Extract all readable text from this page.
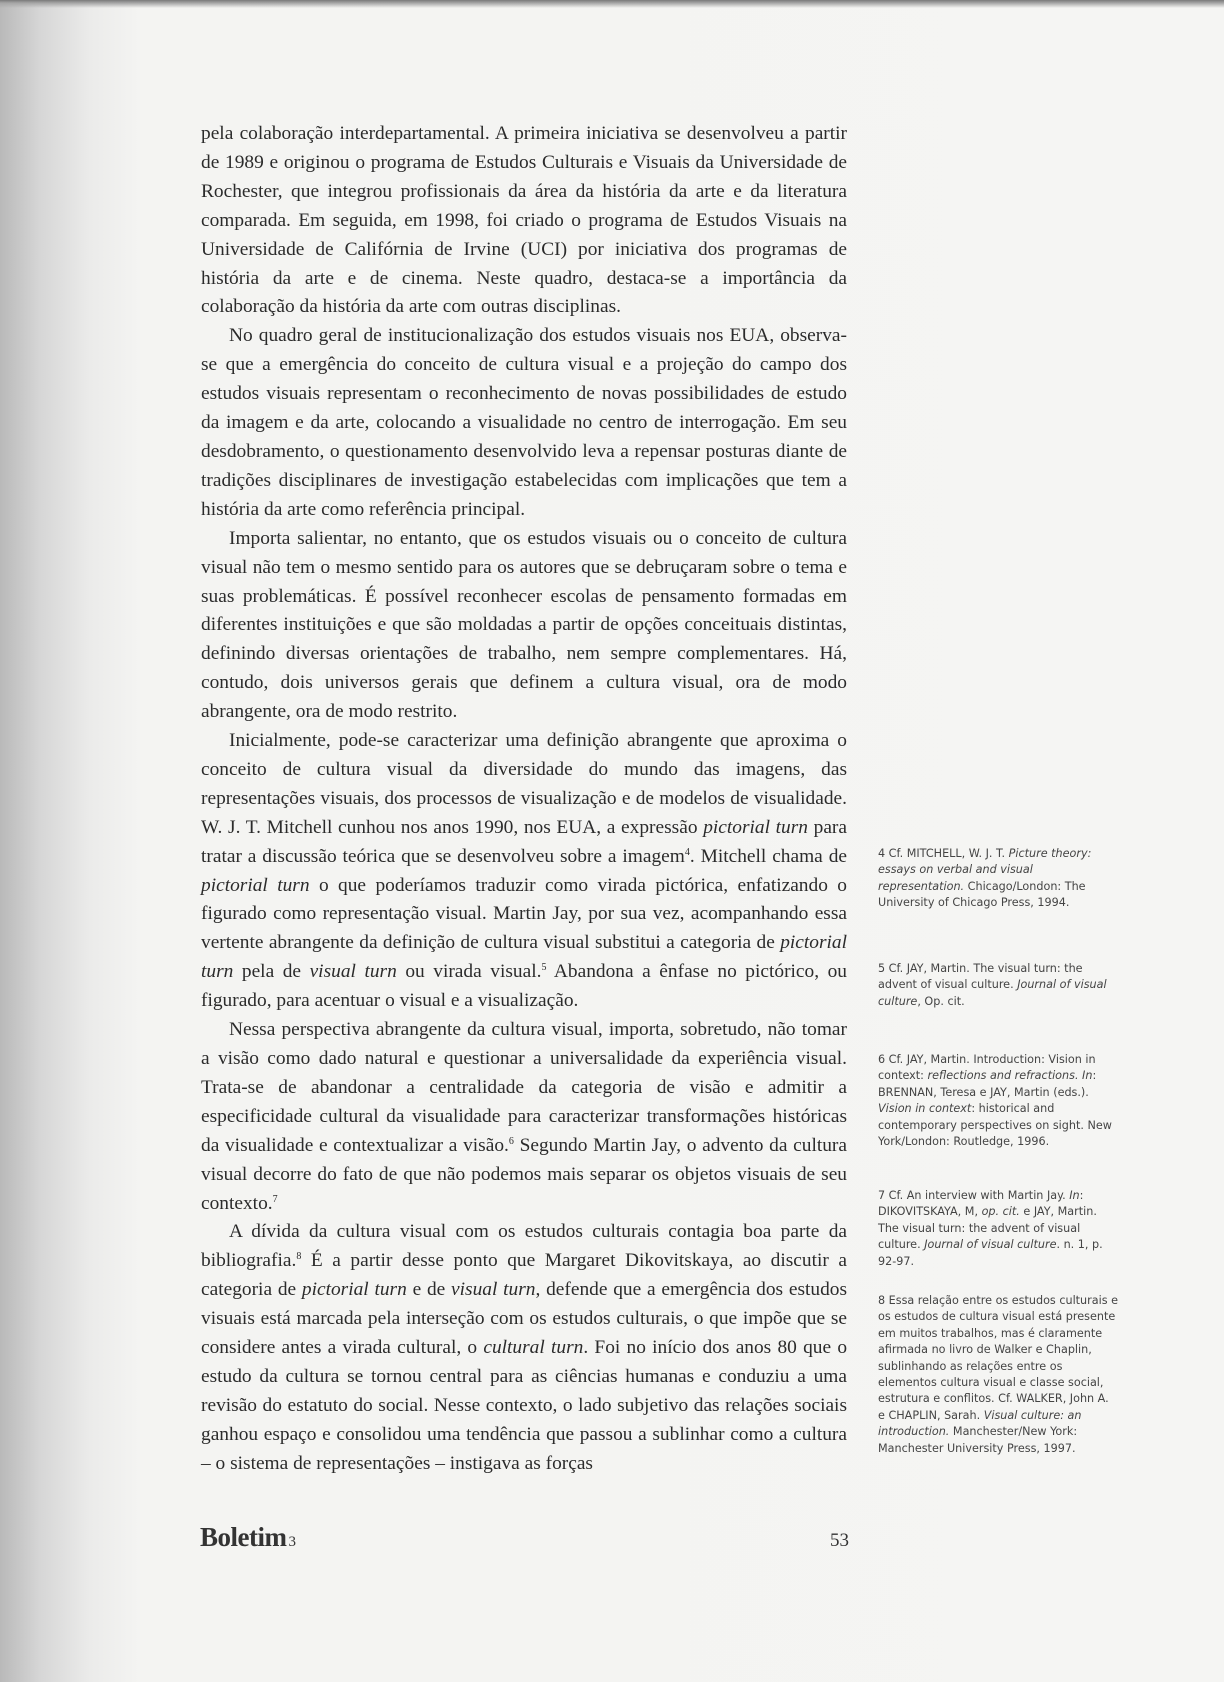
pela colaboração interdepartamental. A primeira iniciativa se desenvolveu a partir de 1989 e originou o programa de Estudos Culturais e Visuais da Universidade de Rochester, que integrou profissionais da área da história da arte e da literatura comparada. Em seguida, em 1998, foi criado o programa de Estudos Visuais na Universidade de Califórnia de Irvine (UCI) por iniciativa dos programas de história da arte e de cinema. Neste quadro, destaca-se a importância da colaboração da história da arte com outras disciplinas.

No quadro geral de institucionalização dos estudos visuais nos EUA, observa-se que a emergência do conceito de cultura visual e a projeção do campo dos estudos visuais representam o reconhecimento de novas possibilidades de estudo da imagem e da arte, colocando a visualidade no centro de interrogação. Em seu desdobramento, o questionamento desenvolvido leva a repensar posturas diante de tradições disciplinares de investigação estabelecidas com implicações que tem a história da arte como referência principal.

Importa salientar, no entanto, que os estudos visuais ou o conceito de cultura visual não tem o mesmo sentido para os autores que se debruçaram sobre o tema e suas problemáticas. É possível reconhecer escolas de pensamento formadas em diferentes instituições e que são moldadas a partir de opções conceituais distintas, definindo diversas orientações de trabalho, nem sempre complementares. Há, contudo, dois universos gerais que definem a cultura visual, ora de modo abrangente, ora de modo restrito.

Inicialmente, pode-se caracterizar uma definição abrangente que aproxima o conceito de cultura visual da diversidade do mundo das imagens, das representações visuais, dos processos de visualização e de modelos de visualidade. W. J. T. Mitchell cunhou nos anos 1990, nos EUA, a expressão pictorial turn para tratar a discussão teórica que se desenvolveu sobre a imagem$^4$. Mitchell chama de pictorial turn o que poderíamos traduzir como virada pictórica, enfatizando o figurado como representação visual. Martin Jay, por sua vez, acompanhando essa vertente abrangente da definição de cultura visual substitui a categoria de pictorial turn pela de visual turn ou virada visual.$^5$ Abandona a ênfase no pictórico, ou figurado, para acentuar o visual e a visualização.

Nessa perspectiva abrangente da cultura visual, importa, sobretudo, não tomar a visão como dado natural e questionar a universalidade da experiência visual. Trata-se de abandonar a centralidade da categoria de visão e admitir a especificidade cultural da visualidade para caracterizar transformações históricas da visualidade e contextualizar a visão.$^6$ Segundo Martin Jay, o advento da cultura visual decorre do fato de que não podemos mais separar os objetos visuais de seu contexto.$^7$

A dívida da cultura visual com os estudos culturais contagia boa parte da bibliografia.$^8$ É a partir desse ponto que Margaret Dikovitskaya, ao discutir a categoria de pictorial turn e de visual turn, defende que a emergência dos estudos visuais está marcada pela interseção com os estudos culturais, o que impõe que se considere antes a virada cultural, o cultural turn. Foi no início dos anos 80 que o estudo da cultura se tornou central para as ciências humanas e conduziu a uma revisão do estatuto do social. Nesse contexto, o lado subjetivo das relações sociais ganhou espaço e consolidou uma tendência que passou a sublinhar como a cultura – o sistema de representações – instigava as forças

4 Cf. MITCHELL, W. J. T. Picture theory: essays on verbal and visual representation. Chicago/London: The University of Chicago Press, 1994.

5 Cf. JAY, Martin. The visual turn: the advent of visual culture. Journal of visual culture, Op. cit.

6 Cf. JAY, Martin. Introduction: Vision in context: reflections and refractions. In: BRENNAN, Teresa e JAY, Martin (eds.). Vision in context: historical and contemporary perspectives on sight. New York/London: Routledge, 1996.

7 Cf. An interview with Martin Jay. In: DIKOVITSKAYA, M, op. cit. e JAY, Martin. The visual turn: the advent of visual culture. Journal of visual culture. n. 1, p. 92-97.

8 Essa relação entre os estudos culturais e os estudos de cultura visual está presente em muitos trabalhos, mas é claramente afirmada no livro de Walker e Chaplin, sublinhando as relações entre os elementos cultura visual e classe social, estrutura e conflitos. Cf. WALKER, John A. e CHAPLIN, Sarah. Visual culture: an introduction. Manchester/New York: Manchester University Press, 1997.

Boletim 3	53
